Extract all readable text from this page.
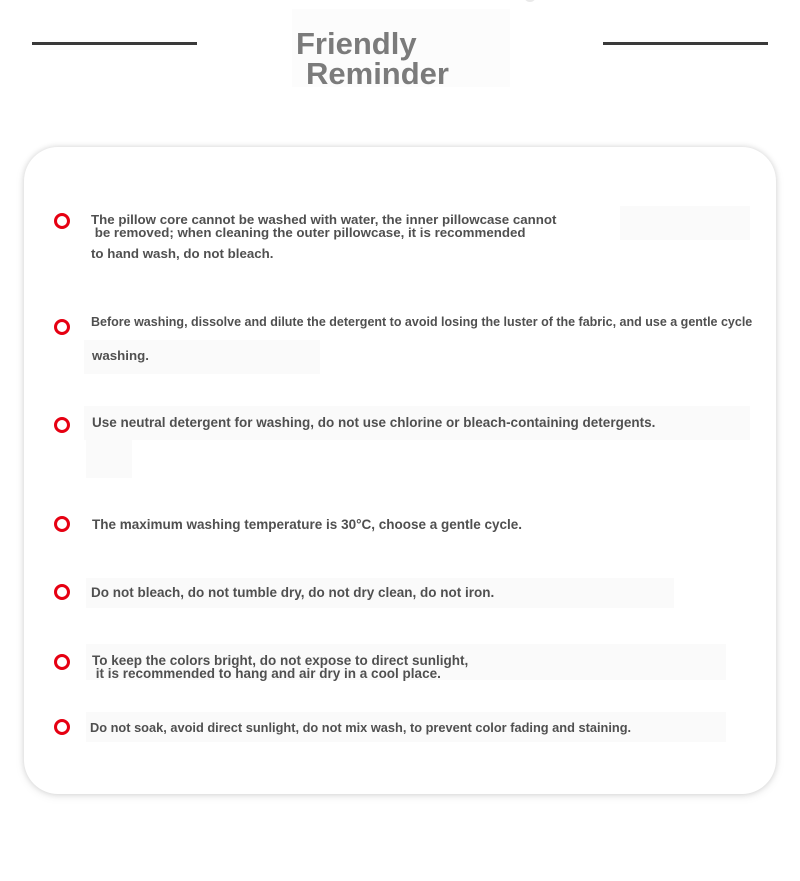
Friendly
Reminder
The pillow core cannot be washed with water, the inner pillowcase cannot
be removed; when cleaning the outer pillowcase, it is recommended
to hand wash, do not bleach.
Before washing, dissolve and dilute the detergent to avoid losing the luster of the fabric, and use a gentle cycle
washing.
Use neutral detergent for washing, do not use chlorine or bleach-containing detergents.
The maximum washing temperature is 30°C, choose a gentle cycle.
Do not bleach, do not tumble dry, do not dry clean, do not iron.
To keep the colors bright, do not expose to direct sunlight,
it is recommended to hang and air dry in a cool place.
Do not soak, avoid direct sunlight, do not mix wash, to prevent color fading and staining.
